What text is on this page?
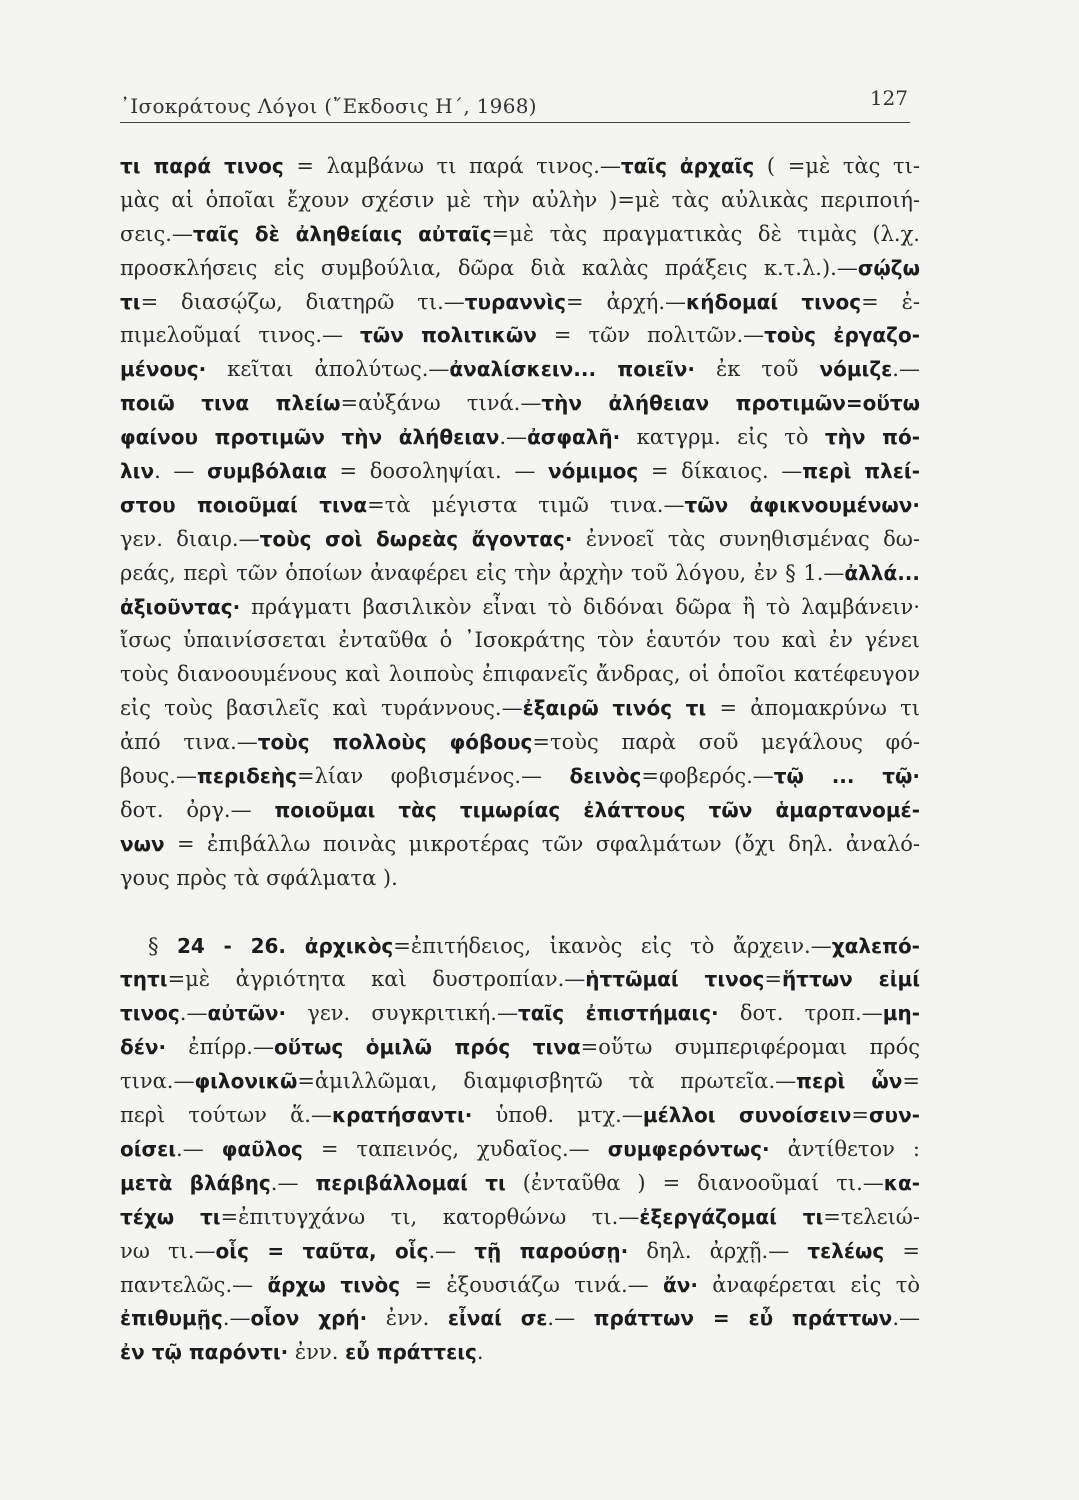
᾽Ισοκράτους Λόγοι (῎Εκδοσις Η΄, 1968)	127
τι παρά τινος = λαμβάνω τι παρά τινος.—ταῖς ἀρχαῖς ( =μὲ τὰς τι-
μὰς αἱ ὁποῖαι ἔχουν σχέσιν μὲ τὴν αὐλὴν )=μὲ τὰς αὐλικὰς περιποιή-
σεις.—ταῖς δὲ ἀληθείαις αὐταῖς=μὲ τὰς πραγματικὰς δὲ τιμὰς (λ.χ.
προσκλήσεις εἰς συμβούλια, δῶρα διὰ καλὰς πράξεις κ.τ.λ.).—σῴζω
τι= διασῴζω, διατηρῶ τι.—τυραννὶς= ἀρχή.—κήδομαί τινος= ἐ-
πιμελοῦμαί τινος.— τῶν πολιτικῶν = τῶν πολιτῶν.—τοὺς ἐργαζο-
μένους· κεῖται ἀπολύτως.—ἀναλίσκειν... ποιεῖν· ἐκ τοῦ νόμιζε.—
ποιῶ τινα πλείω=αὐξάνω τινά.—τὴν ἀλήθειαν προτιμῶν=οὕτω
φαίνου προτιμῶν τὴν ἀλήθειαν.—ἀσφαλῆ· κατγρμ. εἰς τὸ τὴν πό-
λιν. — συμβόλαια = δοσοληψίαι. — νόμιμος = δίκαιος. —περὶ πλεί-
στου ποιοῦμαί τινα=τὰ μέγιστα τιμῶ τινα.—τῶν ἀφικνουμένων·
γεν. διαιρ.—τοὺς σοὶ δωρεὰς ἄγοντας· ἐννοεῖ τὰς συνηθισμένας δω-
ρεάς, περὶ τῶν ὁποίων ἀναφέρει εἰς τὴν ἀρχὴν τοῦ λόγου, ἐν § 1.—ἀλλά...
ἀξιοῦντας· πράγματι βασιλικὸν εἶναι τὸ διδόναι δῶρα ἢ τὸ λαμβάνειν·
ἴσως ὑπαινίσσεται ἐνταῦθα ὁ ᾽Ισοκράτης τὸν ἑαυτόν του καὶ ἐν γένει
τοὺς διανοουμένους καὶ λοιποὺς ἐπιφανεῖς ἄνδρας, οἱ ὁποῖοι κατέφευγον
εἰς τοὺς βασιλεῖς καὶ τυράννους.—ἐξαιρῶ τινός τι = ἀπομακρύνω τι
ἀπό τινα.—τοὺς πολλοὺς φόβους=τοὺς παρὰ σοῦ μεγάλους φό-
βους.—περιδεὴς=λίαν φοβισμένος.— δεινὸς=φοβερός.—τῷ ... τῷ·
δοτ. ὀργ.— ποιοῦμαι τὰς τιμωρίας ἐλάττους τῶν ἁμαρτανομέ-
νων = ἐπιβάλλω ποινὰς μικροτέρας τῶν σφαλμάτων (ὄχι δηλ. ἀναλό-
γους πρὸς τὰ σφάλματα ).
§ 24 - 26. ἀρχικὸς=ἐπιτήδειος, ἱκανὸς εἰς τὸ ἄρχειν.—χαλεπό-
τητι=μὲ ἀγριότητα καὶ δυστροπίαν.—ἡττῶμαί τινος=ἥττων εἰμί
τινος.—αὐτῶν· γεν. συγκριτική.—ταῖς ἐπιστήμαις· δοτ. τροπ.—μη-
δέν· ἐπίρρ.—οὕτως ὁμιλῶ πρός τινα=οὕτω συμπεριφέρομαι πρός
τινα.—φιλονικῶ=ἁμιλλῶμαι, διαμφισβητῶ τὰ πρωτεῖα.—περὶ ὧν=
περὶ τούτων ἅ.—κρατήσαντι· ὑποθ. μτχ.—μέλλοι συνοίσειν=συν-
οίσει.— φαῦλος = ταπεινός, χυδαῖος.— συμφερόντως· ἀντίθετον :
μετὰ βλάβης.— περιβάλλομαί τι (ἐνταῦθα ) = διανοοῦμαί τι.—κα-
τέχω τι=ἐπιτυγχάνω τι, κατορθώνω τι.—ἐξεργάζομαί τι=τελειώ-
νω τι.—οἷς = ταῦτα, οἷς.— τῇ παρούσῃ· δηλ. ἀρχῇ.— τελέως =
παντελῶς.— ἄρχω τινὸς = ἐξουσιάζω τινά.— ἄν· ἀναφέρεται εἰς τὸ
ἐπιθυμῇς.—οἷον χρή· ἐνν. εἶναί σε.— πράττων = εὖ πράττων.—
ἐν τῷ παρόντι· ἐνν. εὖ πράττεις.
